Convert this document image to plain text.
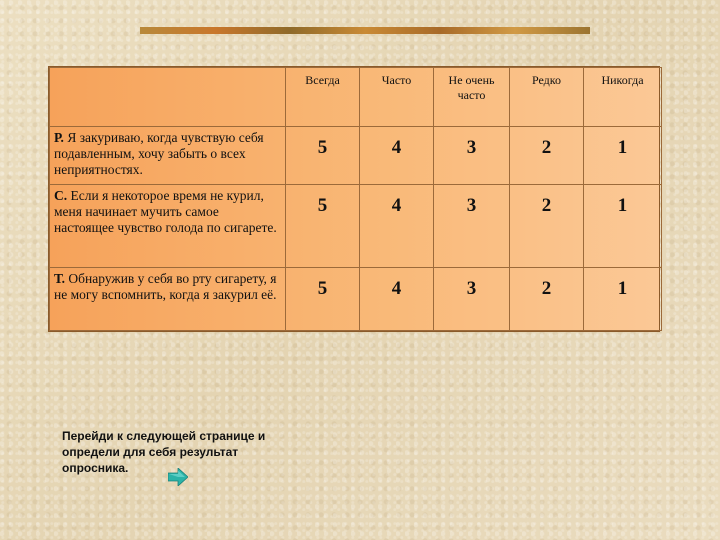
	Всегда	Часто	Не очень часто	Редко	Никогда
Р. Я закуриваю, когда чувствую себя подавленным, хочу забыть о всех неприятностях.	5	4	3	2	1
С. Если я некоторое время не курил, меня начинает мучить самое настоящее чувство голода по сигарете.	5	4	3	2	1
Т. Обнаружив у себя во рту сигарету, я не могу вспомнить, когда я закурил её.	5	4	3	2	1
Перейди к следующей странице и определи для себя результат опросника.
